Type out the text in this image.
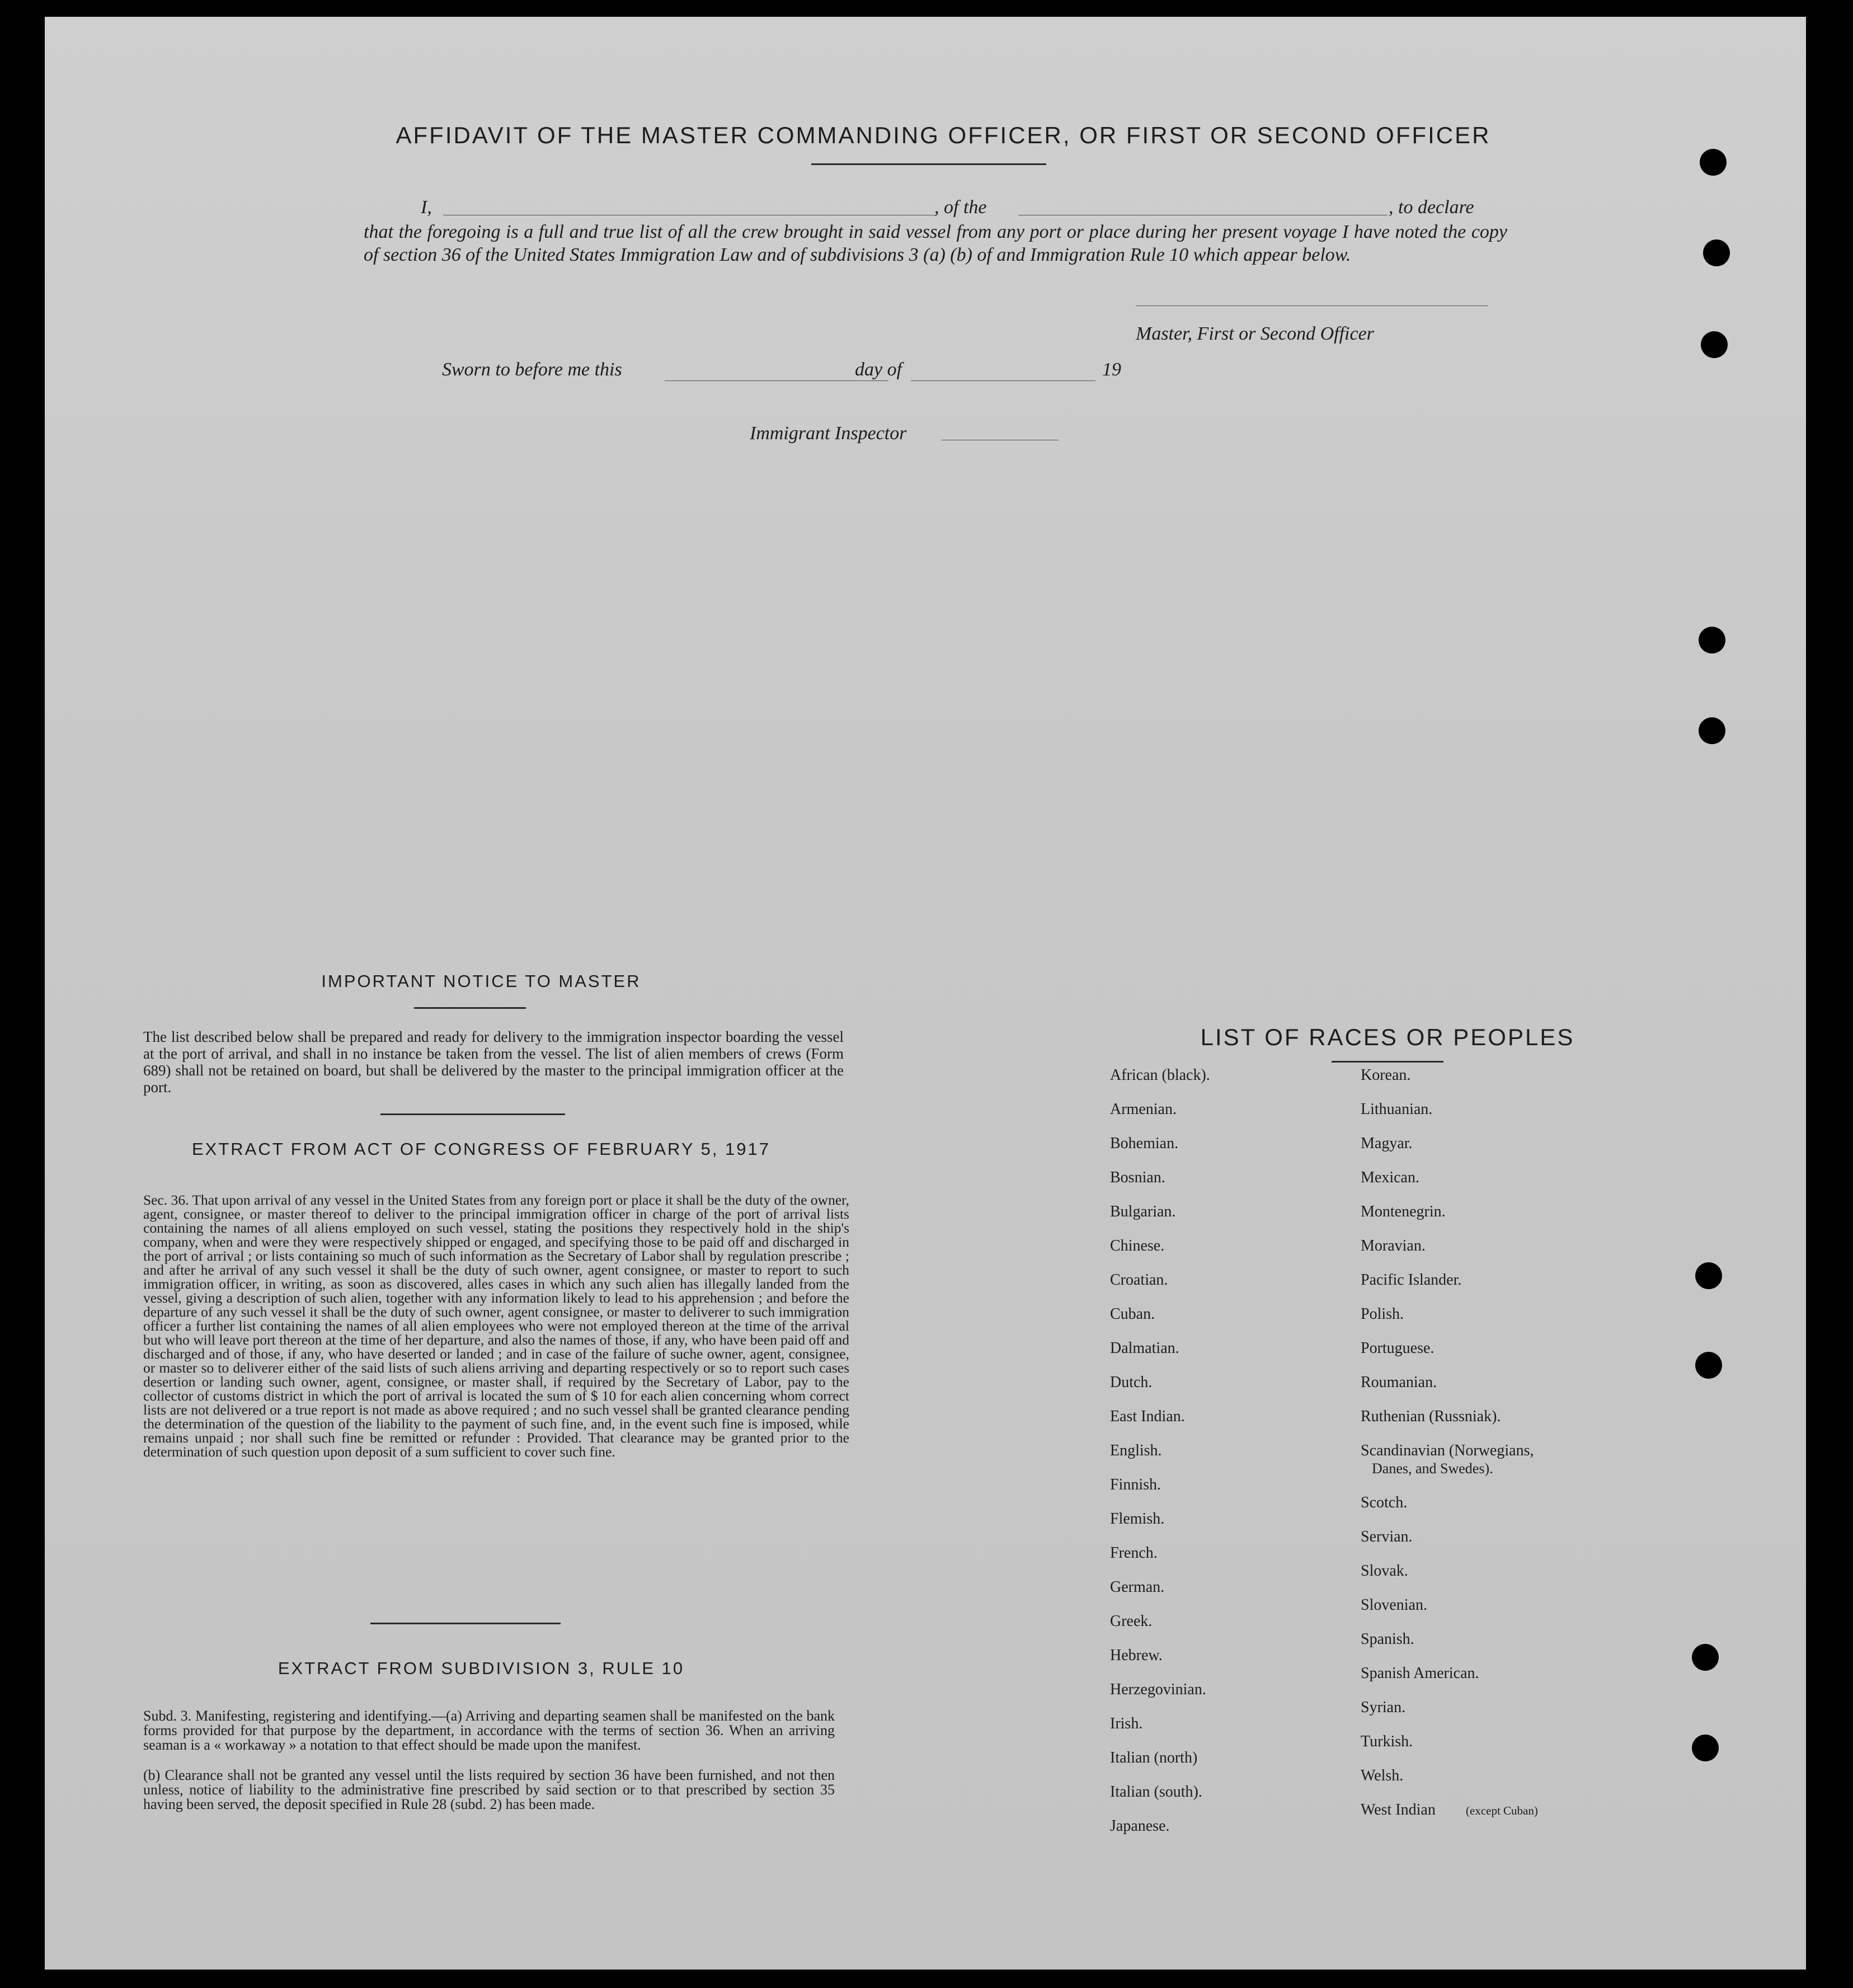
AFFIDAVIT OF THE MASTER COMMANDING OFFICER, OR FIRST OR SECOND OFFICER
I,	, of the	, to declare
that the foregoing is a full and true list of all the crew brought in said vessel from any port or place during her present voyage I have noted the copy of section 36 of the United States Immigration Law and of subdivisions 3 (a) (b) of and Immigration Rule 10 which appear below.
Master, First or Second Officer
Sworn to before me this	day of	19
Immigrant Inspector
IMPORTANT NOTICE TO MASTER
The list described below shall be prepared and ready for delivery to the immigration inspector boarding the vessel at the port of arrival, and shall in no instance be taken from the vessel. The list of alien members of crews (Form 689) shall not be retained on board, but shall be delivered by the master to the principal immigration officer at the port.
EXTRACT FROM ACT OF CONGRESS OF FEBRUARY 5, 1917
Sec. 36. That upon arrival of any vessel in the United States from any foreign port or place it shall be the duty of the owner, agent, consignee, or master thereof to deliver to the principal immigration officer in charge of the port of arrival lists containing the names of all aliens employed on such vessel, stating the positions they respectively hold in the ship's company, when and were they were respectively shipped or engaged, and specifying those to be paid off and discharged in the port of arrival ; or lists containing so much of such information as the Secretary of Labor shall by regulation prescribe ; and after he arrival of any such vessel it shall be the duty of such owner, agent consignee, or master to report to such immigration officer, in writing, as soon as discovered, alles cases in which any such alien has illegally landed from the vessel, giving a description of such alien, together with any information likely to lead to his apprehension ; and before the departure of any such vessel it shall be the duty of such owner, agent consignee, or master to deliverer to such immigration officer a further list containing the names of all alien employees who were not employed thereon at the time of the arrival but who will leave port thereon at the time of her departure, and also the names of those, if any, who have been paid off and discharged and of those, if any, who have deserted or landed ; and in case of the failure of suche owner, agent, consignee, or master so to deliverer either of the said lists of such aliens arriving and departing respectively or so to report such cases desertion or landing such owner, agent, consignee, or master shall, if required by the Secretary of Labor, pay to the collector of customs district in which the port of arrival is located the sum of $ 10 for each alien concerning whom correct lists are not delivered or a true report is not made as above required ; and no such vessel shall be granted clearance pending the determination of the question of the liability to the payment of such fine, and, in the event such fine is imposed, while remains unpaid ; nor shall such fine be remitted or refunder : Provided. That clearance may be granted prior to the determination of such question upon deposit of a sum sufficient to cover such fine.
EXTRACT FROM SUBDIVISION 3, RULE 10
Subd. 3. Manifesting, registering and identifying.—(a) Arriving and departing seamen shall be manifested on the bank forms provided for that purpose by the department, in accordance with the terms of section 36. When an arriving seaman is a « workaway » a notation to that effect should be made upon the manifest.
(b) Clearance shall not be granted any vessel until the lists required by section 36 have been furnished, and not then unless, notice of liability to the administrative fine prescribed by said section or to that prescribed by section 35 having been served, the deposit specified in Rule 28 (subd. 2) has been made.
LIST OF RACES OR PEOPLES
African (black).
Armenian.
Bohemian.
Bosnian.
Bulgarian.
Chinese.
Croatian.
Cuban.
Dalmatian.
Dutch.
East Indian.
English.
Finnish.
Flemish.
French.
German.
Greek.
Hebrew.
Herzegovinian.
Irish.
Italian (north)
Italian (south).
Japanese.
Korean.
Lithuanian.
Magyar.
Mexican.
Montenegrin.
Moravian.
Pacific Islander.
Polish.
Portuguese.
Roumanian.
Ruthenian (Russniak).
Scandinavian (Norwegians,
Danes, and Swedes).
Scotch.
Servian.
Slovak.
Slovenian.
Spanish.
Spanish American.
Syrian.
Turkish.
Welsh.
West Indian	(except Cuban)
